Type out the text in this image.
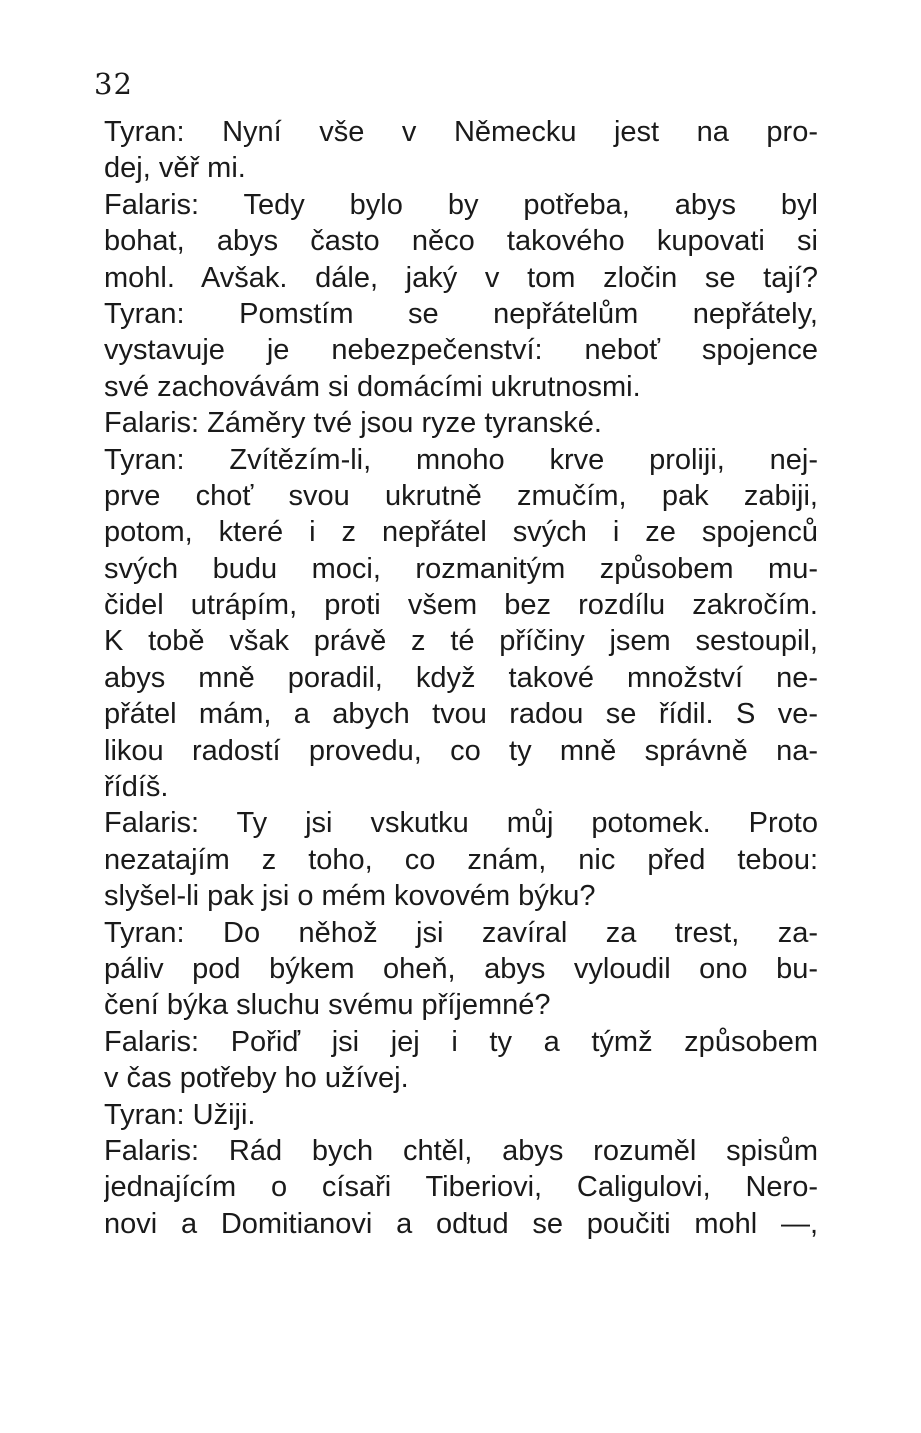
32

Tyran: Nyní vše v Německu jest na pro-
dej, věř mi.
Falaris: Tedy bylo by potřeba, abys byl
bohat, abys často něco takového kupovati si
mohl. Avšak. dále, jaký v tom zločin se tají?
Tyran: Pomstím se nepřátelům nepřátely,
vystavuje je nebezpečenství: neboť spojence
své zachovávám si domácími ukrutnosmi.
Falaris: Záměry tvé jsou ryze tyranské.
Tyran: Zvítězím-li, mnoho krve proliji, nej-
prve choť svou ukrutně zmučím, pak zabiji,
potom, které i z nepřátel svých i ze spojenců
svých budu moci, rozmanitým způsobem mu-
čidel utrápím, proti všem bez rozdílu zakročím.
K tobě však právě z té příčiny jsem sestoupil,
abys mně poradil, když takové množství ne-
přátel mám, a abych tvou radou se řídil. S ve-
likou radostí provedu, co ty mně správně na-
řídíš.
Falaris: Ty jsi vskutku můj potomek. Proto
nezatajím z toho, co znám, nic před tebou:
slyšel-li pak jsi o mém kovovém býku?
Tyran: Do něhož jsi zavíral za trest, za-
páliv pod býkem oheň, abys vyloudil ono bu-
čení býka sluchu svému příjemné?
Falaris: Pořiď jsi jej i ty a týmž způsobem
v čas potřeby ho užívej.
Tyran: Užiji.
Falaris: Rád bych chtěl, abys rozuměl spisům
jednajícím o císaři Tiberiovi, Caligulovi, Nero-
novi a Domitianovi a odtud se poučiti mohl —,
